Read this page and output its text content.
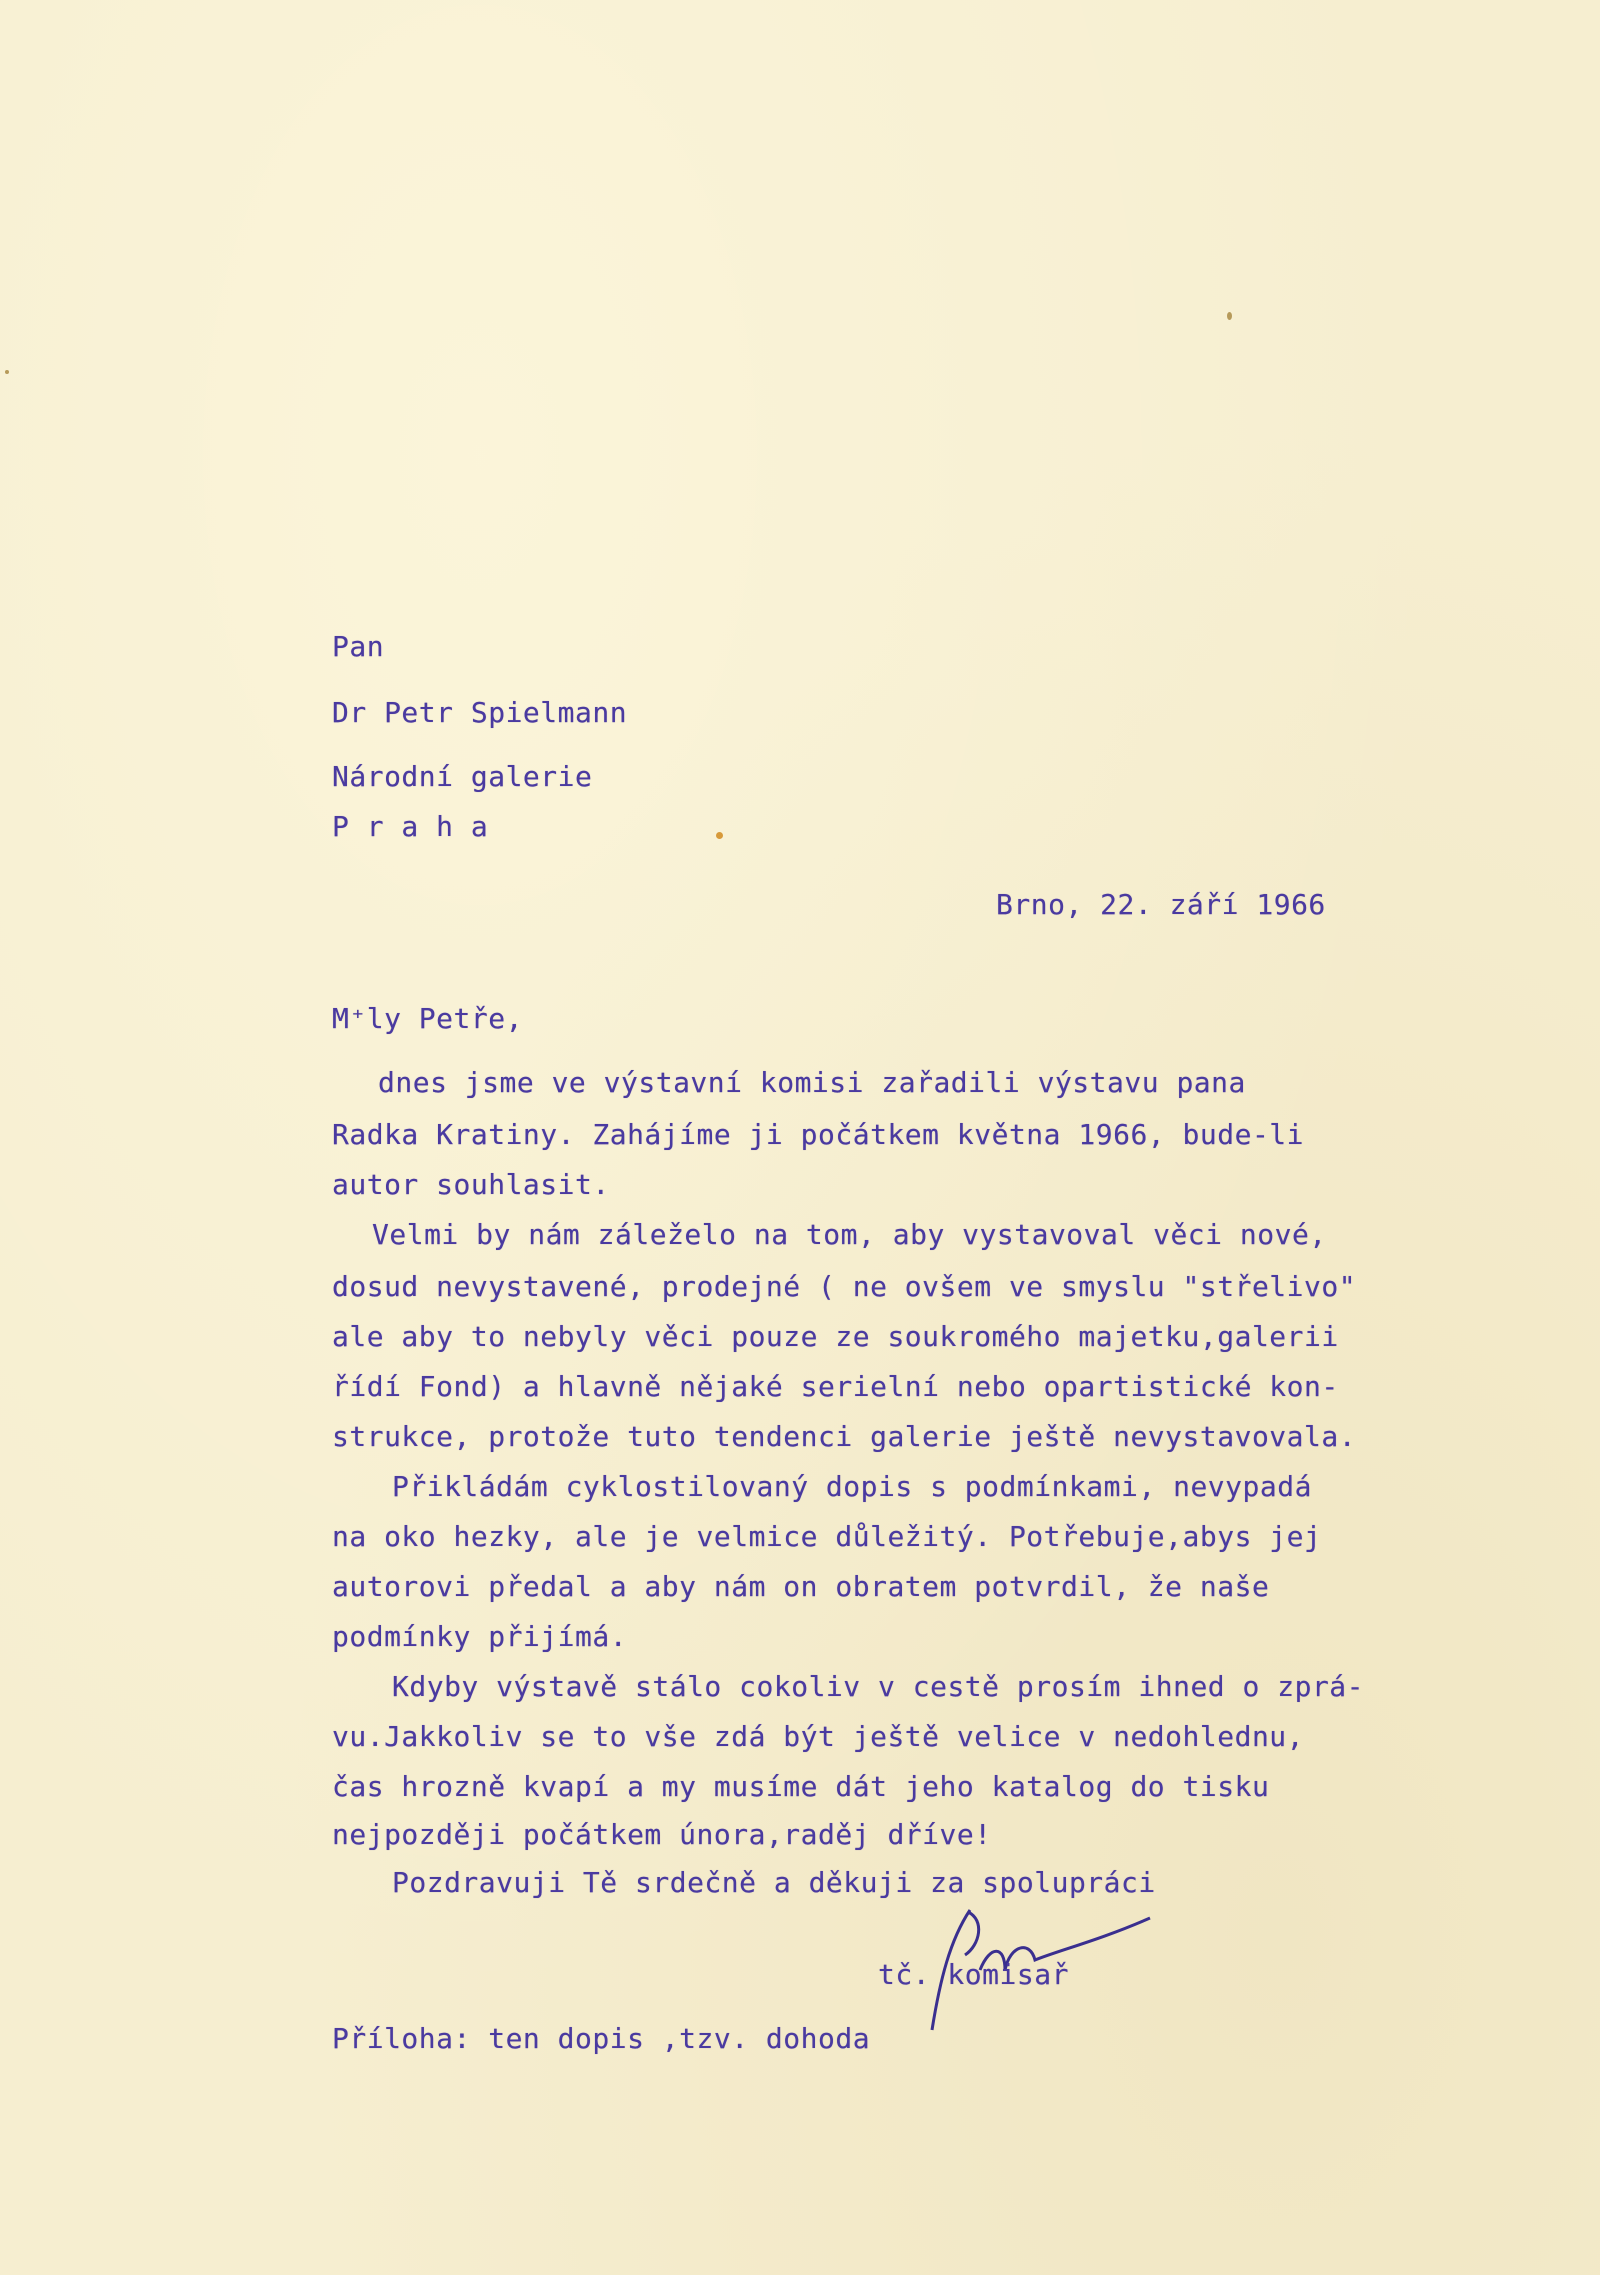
Pan
Dr Petr Spielmann
Národní galerie
P r a h a
Brno, 22. září 1966
M⁺ly Petře,
dnes jsme ve výstavní komisi zařadili výstavu pana
Radka Kratiny. Zahájíme ji počátkem května 1966, bude-li
autor souhlasit.
Velmi by nám záleželo na tom, aby vystavoval věci nové,
dosud nevystavené, prodejné ( ne ovšem ve smyslu "střelivo"
ale aby to nebyly věci pouze ze soukromého majetku,galerii
řídí Fond) a hlavně nějaké serielní nebo opartistické kon-
strukce, protože tuto tendenci galerie ještě nevystavovala.
Přikládám cyklostilovaný dopis s podmínkami, nevypadá
na oko hezky, ale je velmice důležitý. Potřebuje,abys jej
autorovi předal a aby nám on obratem potvrdil, že naše
podmínky přijímá.
Kdyby výstavě stálo cokoliv v cestě prosím ihned o zprá-
vu.Jakkoliv se to vše zdá být ještě velice v nedohlednu,
čas hrozně kvapí a my musíme dát jeho katalog do tisku
nejpozději počátkem února,raděj dříve!
Pozdravuji Tě srdečně a děkuji za spolupráci
tč. komisař
Příloha: ten dopis ,tzv. dohoda
